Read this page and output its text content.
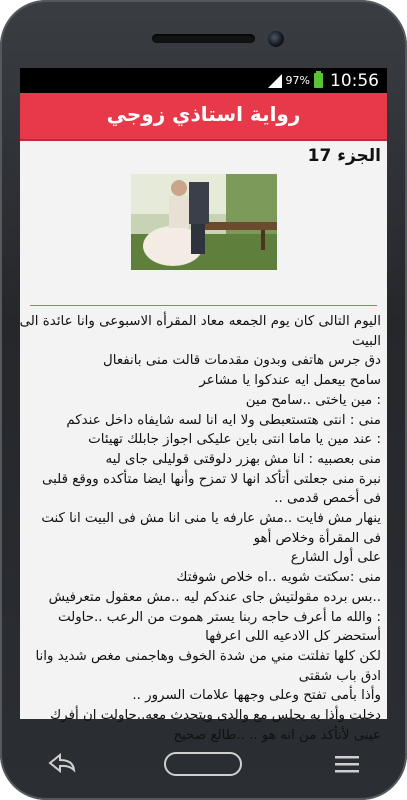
97% 10:56
رواية استاذي زوجي
الجزء 17

اليوم التالى كان يوم الجمعه معاد المقرأه الاسبوعى وانا عائدة الى

البيت

دق جرس هاتفى وبدون مقدمات قالت منى بانفعال

سامح بيعمل ايه عندكوا يا مشاعر

: مين ياختى ..سامح مين

منى : انتى هتستعبطى ولا ايه انا لسه شايفاه داخل عندكم

: عند مين يا ماما انتى باين عليكى اجواز جابلك تهيئات

منى بعصبيه : انا مش بهزر دلوقتى قوليلى جاى ليه

نبرة منى جعلتى أتأكد انها لا تمزح وأنها ايضا متأكده ووقع قلبى

فى أخمص قدمى ..

ينهار مش فايت ..مش عارفه يا منى انا مش فى البيت انا كنت

فى المقرأة وخلاص أهو

على أول الشارع

منى :سكتت شويه ..اه خلاص شوفتك

..بس برده مقولتيش جاى عندكم ليه ..مش معقول متعرفيش

: والله ما أعرف حاجه ربنا يستر هموت من الرعب ..حاولت

أستحضر كل الادعيه اللى اعرفها

لكن كلها تفلتت مني من شدة الخوف وهاجمنى مغص شديد وانا

ادق باب شقتى

وأذا بأمى تفتح وعلى وجهها علامات السرور ..

دخلت وأذا به يجلس مع والدى ويتحدث معه..حاولت ان أفرك

عينى لأتأكد من انه هو .. ..طالع صحيح
